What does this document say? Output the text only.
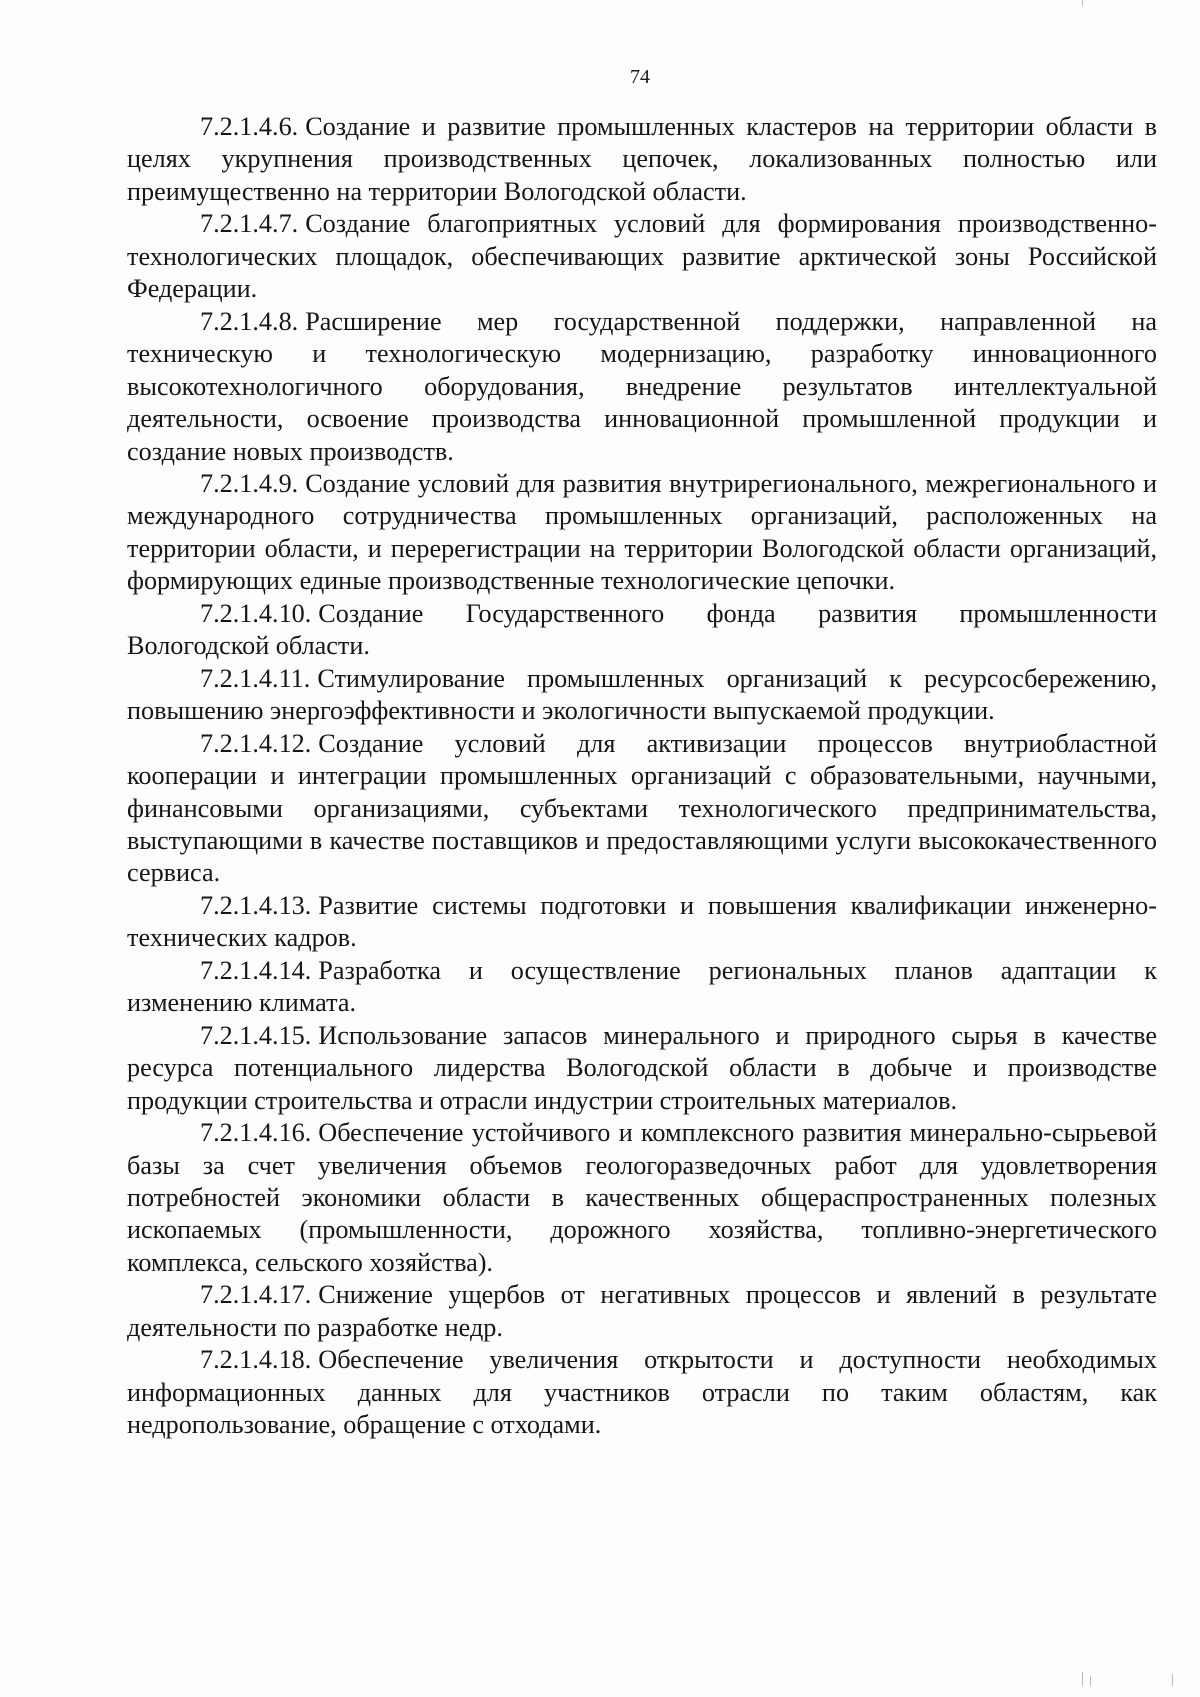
74

7.2.1.4.6. Создание и развитие промышленных кластеров на территории области в целях укрупнения производственных цепочек, локализованных полностью или преимущественно на территории Вологодской области.

7.2.1.4.7. Создание благоприятных условий для формирования производственно-технологических площадок, обеспечивающих развитие арктической зоны Российской Федерации.

7.2.1.4.8. Расширение мер государственной поддержки, направленной на техническую и технологическую модернизацию, разработку инновационного высокотехнологичного оборудования, внедрение результатов интеллектуальной деятельности, освоение производства инновационной промышленной продукции и создание новых производств.

7.2.1.4.9. Создание условий для развития внутрирегионального, межрегионального и международного сотрудничества промышленных организаций, расположенных на территории области, и перерегистрации на территории Вологодской области организаций, формирующих единые производственные технологические цепочки.

7.2.1.4.10. Создание Государственного фонда развития промышленности Вологодской области.

7.2.1.4.11. Стимулирование промышленных организаций к ресурсосбережению, повышению энергоэффективности и экологичности выпускаемой продукции.

7.2.1.4.12. Создание условий для активизации процессов внутриобластной кооперации и интеграции промышленных организаций с образовательными, научными, финансовыми организациями, субъектами технологического предпринимательства, выступающими в качестве поставщиков и предоставляющими услуги высококачественного сервиса.

7.2.1.4.13. Развитие системы подготовки и повышения квалификации инженерно-технических кадров.

7.2.1.4.14. Разработка и осуществление региональных планов адаптации к изменению климата.

7.2.1.4.15. Использование запасов минерального и природного сырья в качестве ресурса потенциального лидерства Вологодской области в добыче и производстве продукции строительства и отрасли индустрии строительных материалов.

7.2.1.4.16. Обеспечение устойчивого и комплексного развития минерально-сырьевой базы за счет увеличения объемов геологоразведочных работ для удовлетворения потребностей экономики области в качественных общераспространенных полезных ископаемых (промышленности, дорожного хозяйства, топливно-энергетического комплекса, сельского хозяйства).

7.2.1.4.17. Снижение ущербов от негативных процессов и явлений в результате деятельности по разработке недр.

7.2.1.4.18. Обеспечение увеличения открытости и доступности необходимых информационных данных для участников отрасли по таким областям, как недропользование, обращение с отходами.
